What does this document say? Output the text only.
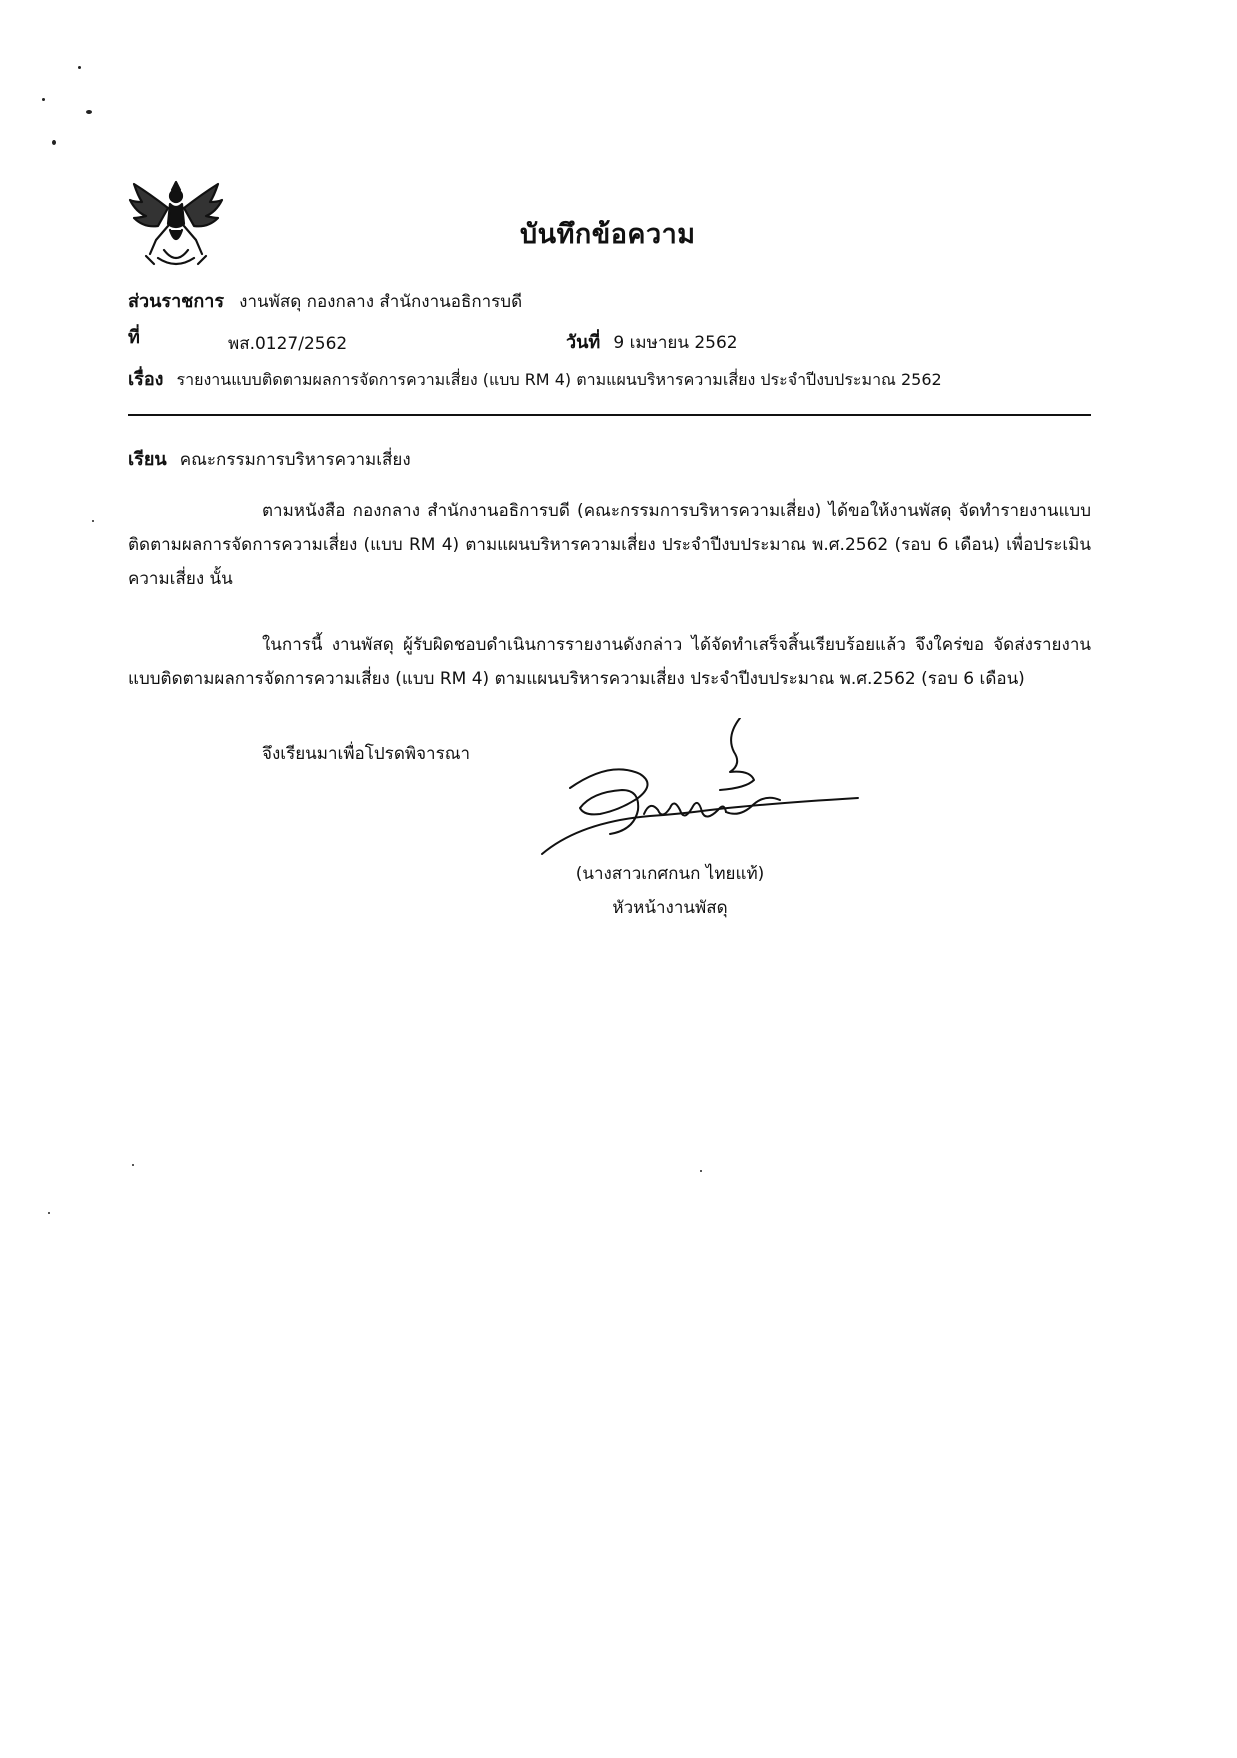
บันทึกข้อความ
ส่วนราชการ งานพัสดุ กองกลาง สำนักงานอธิการบดี
ที่	พส.0127/2562	วันที่ 9 เมษายน 2562
เรื่อง รายงานแบบติดตามผลการจัดการความเสี่ยง (แบบ RM 4) ตามแผนบริหารความเสี่ยง ประจำปีงบประมาณ 2562
เรียน คณะกรรมการบริหารความเสี่ยง
ตามหนังสือ กองกลาง สำนักงานอธิการบดี (คณะกรรมการบริหารความเสี่ยง) ได้ขอให้งานพัสดุ จัดทำรายงานแบบติดตามผลการจัดการความเสี่ยง (แบบ RM 4) ตามแผนบริหารความเสี่ยง ประจำปีงบประมาณ พ.ศ.2562 (รอบ 6 เดือน) เพื่อประเมินความเสี่ยง นั้น
ในการนี้ งานพัสดุ ผู้รับผิดชอบดำเนินการรายงานดังกล่าว ได้จัดทำเสร็จสิ้นเรียบร้อยแล้ว จึงใคร่ขอ จัดส่งรายงานแบบติดตามผลการจัดการความเสี่ยง (แบบ RM 4) ตามแผนบริหารความเสี่ยง ประจำปีงบประมาณ พ.ศ.2562 (รอบ 6 เดือน)
จึงเรียนมาเพื่อโปรดพิจารณา
(นางสาวเกศกนก ไทยแท้)
หัวหน้างานพัสดุ
